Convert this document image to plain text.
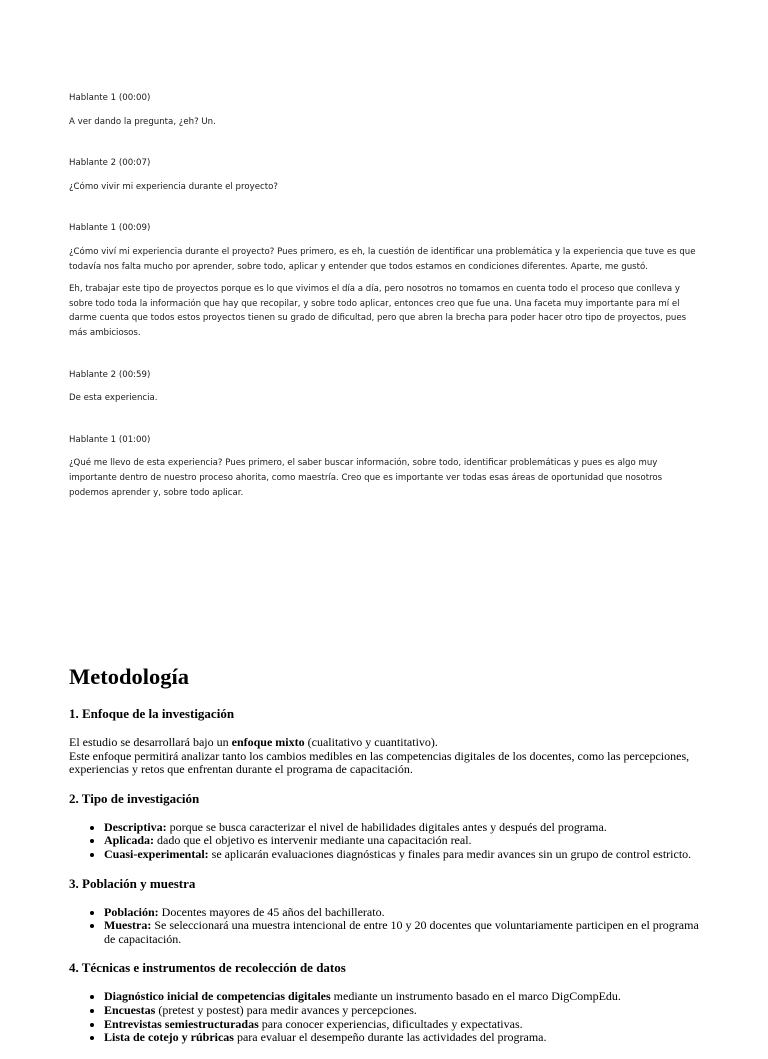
Hablante 1 (00:00)
A ver dando la pregunta, ¿eh? Un.
Hablante 2 (00:07)
¿Cómo vivir mi experiencia durante el proyecto?
Hablante 1 (00:09)
¿Cómo viví mi experiencia durante el proyecto? Pues primero, es eh, la cuestión de identificar una problemática y la experiencia que tuve es que todavía nos falta mucho por aprender, sobre todo, aplicar y entender que todos estamos en condiciones diferentes. Aparte, me gustó.
Eh, trabajar este tipo de proyectos porque es lo que vivimos el día a día, pero nosotros no tomamos en cuenta todo el proceso que conlleva y sobre todo toda la información que hay que recopilar, y sobre todo aplicar, entonces creo que fue una. Una faceta muy importante para mí el darme cuenta que todos estos proyectos tienen su grado de dificultad, pero que abren la brecha para poder hacer otro tipo de proyectos, pues más ambiciosos.
Hablante 2 (00:59)
De esta experiencia.
Hablante 1 (01:00)
¿Qué me llevo de esta experiencia? Pues primero, el saber buscar información, sobre todo, identificar problemáticas y pues es algo muy importante dentro de nuestro proceso ahorita, como maestría. Creo que es importante ver todas esas áreas de oportunidad que nosotros podemos aprender y, sobre todo aplicar.
Metodología
1. Enfoque de la investigación

El estudio se desarrollará bajo un enfoque mixto (cualitativo y cuantitativo).
Este enfoque permitirá analizar tanto los cambios medibles en las competencias digitales de los docentes, como las percepciones, experiencias y retos que enfrentan durante el programa de capacitación.

2. Tipo de investigación
• Descriptiva: porque se busca caracterizar el nivel de habilidades digitales antes y después del programa.
• Aplicada: dado que el objetivo es intervenir mediante una capacitación real.
• Cuasi-experimental: se aplicarán evaluaciones diagnósticas y finales para medir avances sin un grupo de control estricto.
3. Población y muestra
• Población: Docentes mayores de 45 años del bachillerato.
• Muestra: Se seleccionará una muestra intencional de entre 10 y 20 docentes que voluntariamente participen en el programa de capacitación.
4. Técnicas e instrumentos de recolección de datos
• Diagnóstico inicial de competencias digitales mediante un instrumento basado en el marco DigCompEdu.
• Encuestas (pretest y postest) para medir avances y percepciones.
• Entrevistas semiestructuradas para conocer experiencias, dificultades y expectativas.
• Lista de cotejo y rúbricas para evaluar el desempeño durante las actividades del programa.
